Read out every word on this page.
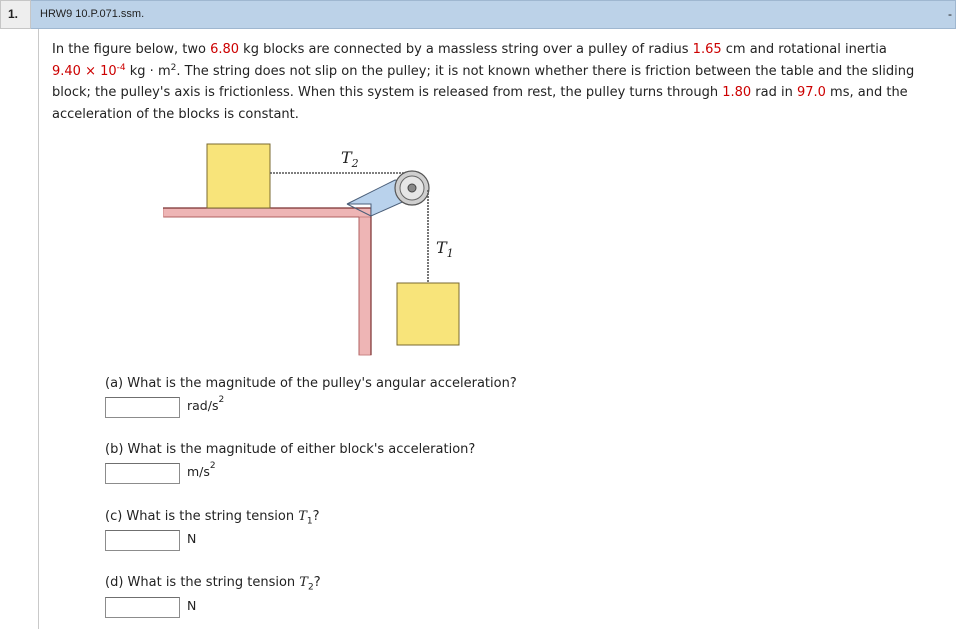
1.	HRW9 10.P.071.ssm.	-
In the figure below, two 6.80 kg blocks are connected by a massless string over a pulley of radius 1.65 cm and rotational inertia
$9.40 \times 10^{-4}$ kg · $m^2$. The string does not slip on the pulley; it is not known whether there is friction between the table and the sliding block; the pulley's axis is frictionless. When this system is released from rest, the pulley turns through 1.80 rad in 97.0 ms, and the acceleration of the blocks is constant.
$T_2$
$T_1$
(a) What is the magnitude of the pulley's angular acceleration?
rad/$s^2$
(b) What is the magnitude of either block's acceleration?
$m/s^2$
(c) What is the string tension $T_1$?
N
(d) What is the string tension $T_2$?
N
